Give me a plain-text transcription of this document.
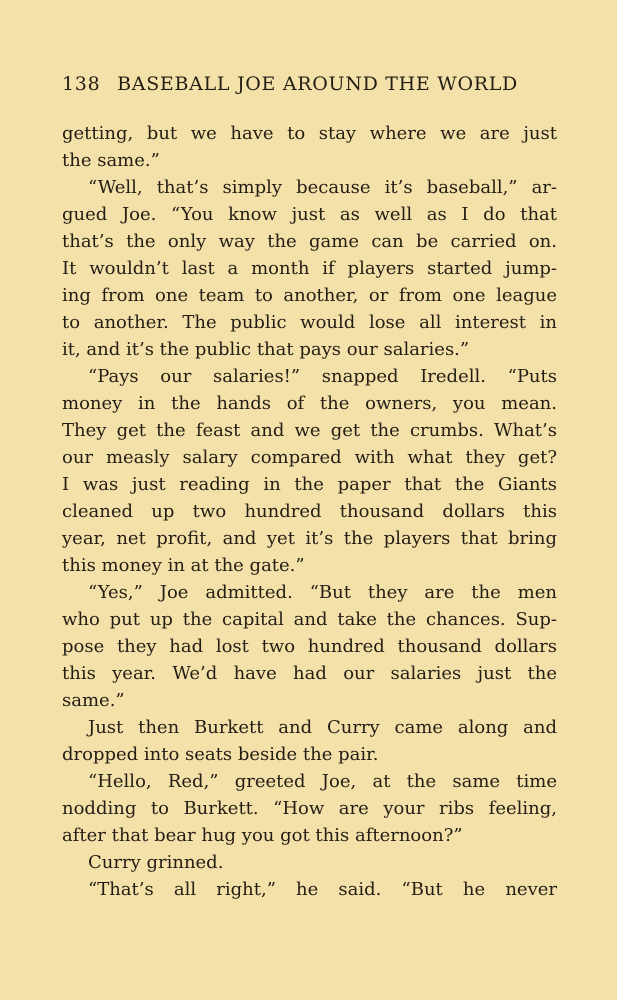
138 BASEBALL JOE AROUND THE WORLD
getting, but we have to stay where we are just
the same.”
“Well, that’s simply because it’s baseball,” ar-
gued Joe. “You know just as well as I do that
that’s the only way the game can be carried on.
It wouldn’t last a month if players started jump-
ing from one team to another, or from one league
to another. The public would lose all interest in
it, and it’s the public that pays our salaries.”
“Pays our salaries!” snapped Iredell. “Puts
money in the hands of the owners, you mean.
They get the feast and we get the crumbs. What’s
our measly salary compared with what they get?
I was just reading in the paper that the Giants
cleaned up two hundred thousand dollars this
year, net profit, and yet it’s the players that bring
this money in at the gate.”
“Yes,” Joe admitted. “But they are the men
who put up the capital and take the chances. Sup-
pose they had lost two hundred thousand dollars
this year. We’d have had our salaries just the
same.”
Just then Burkett and Curry came along and
dropped into seats beside the pair.
“Hello, Red,” greeted Joe, at the same time
nodding to Burkett. “How are your ribs feeling,
after that bear hug you got this afternoon?”
Curry grinned.
“That’s all right,” he said. “But he never
